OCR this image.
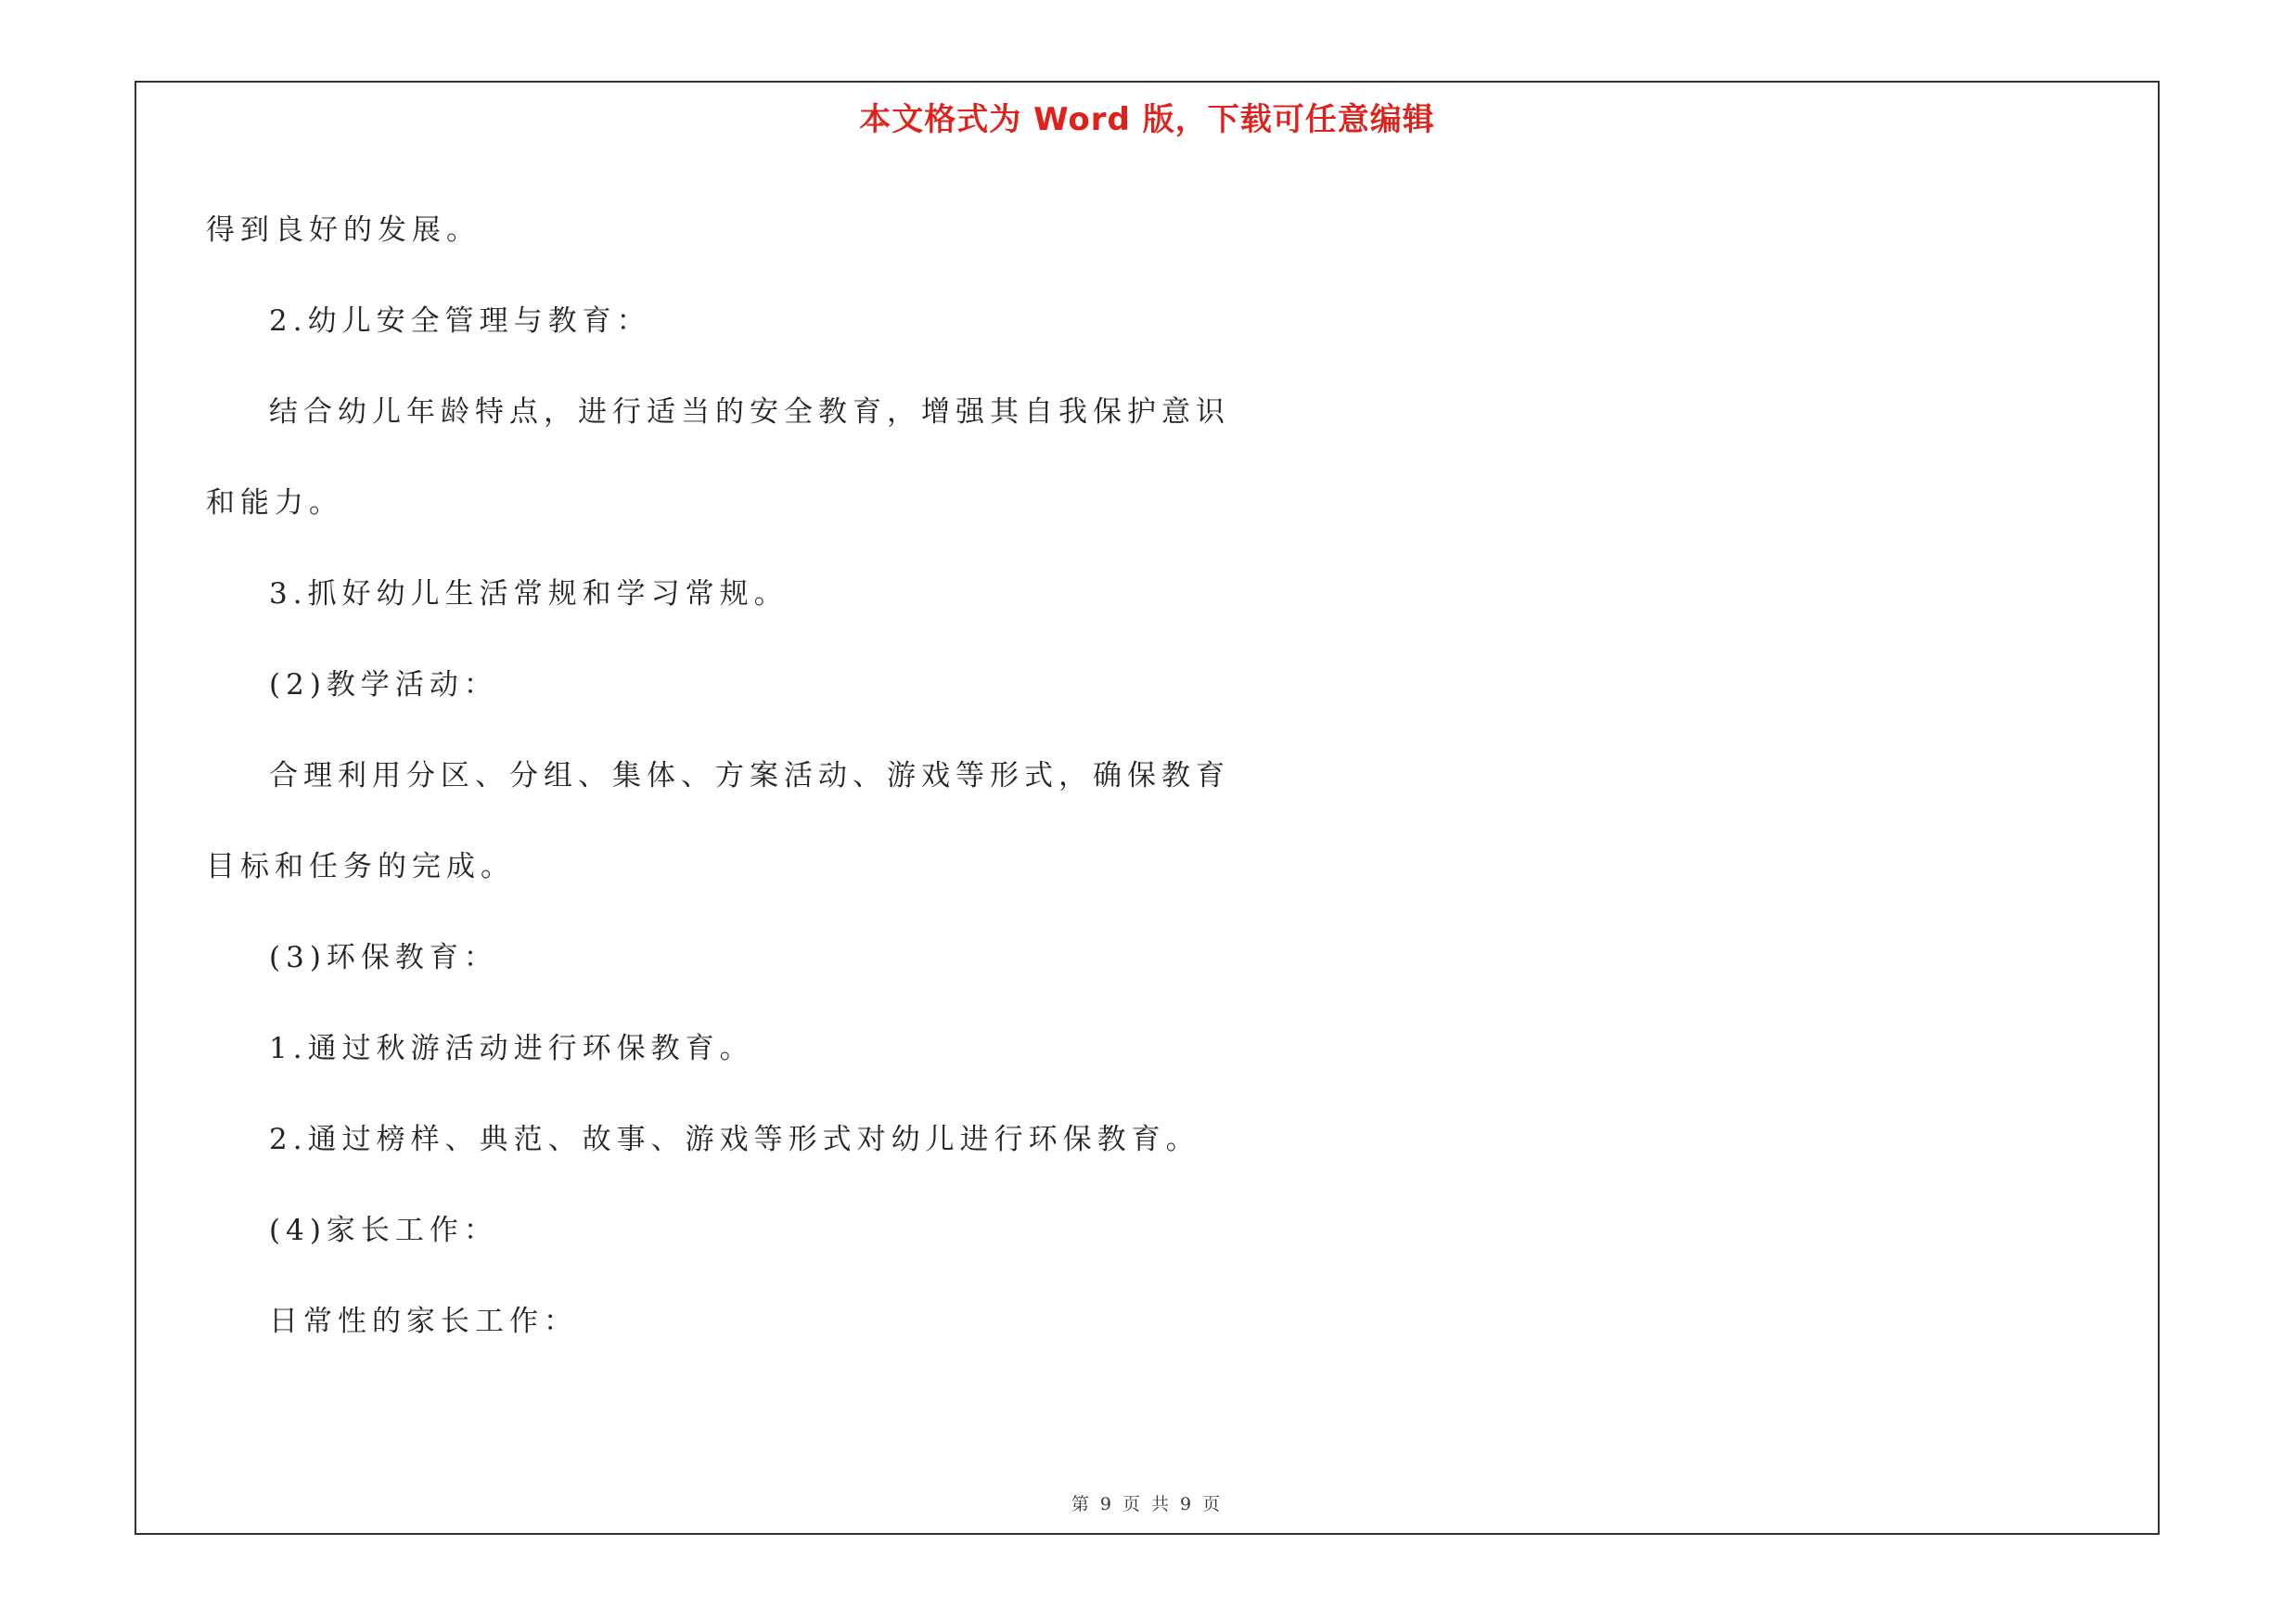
本文格式为 Word 版，下载可任意编辑
得到良好的发展。
2.幼儿安全管理与教育：
结合幼儿年龄特点，进行适当的安全教育，增强其自我保护意识
和能力。
3.抓好幼儿生活常规和学习常规。
(2)教学活动：
合理利用分区、分组、集体、方案活动、游戏等形式，确保教育
目标和任务的完成。
(3)环保教育：
1.通过秋游活动进行环保教育。
2.通过榜样、典范、故事、游戏等形式对幼儿进行环保教育。
(4)家长工作：
日常性的家长工作：
第 9 页 共 9 页
